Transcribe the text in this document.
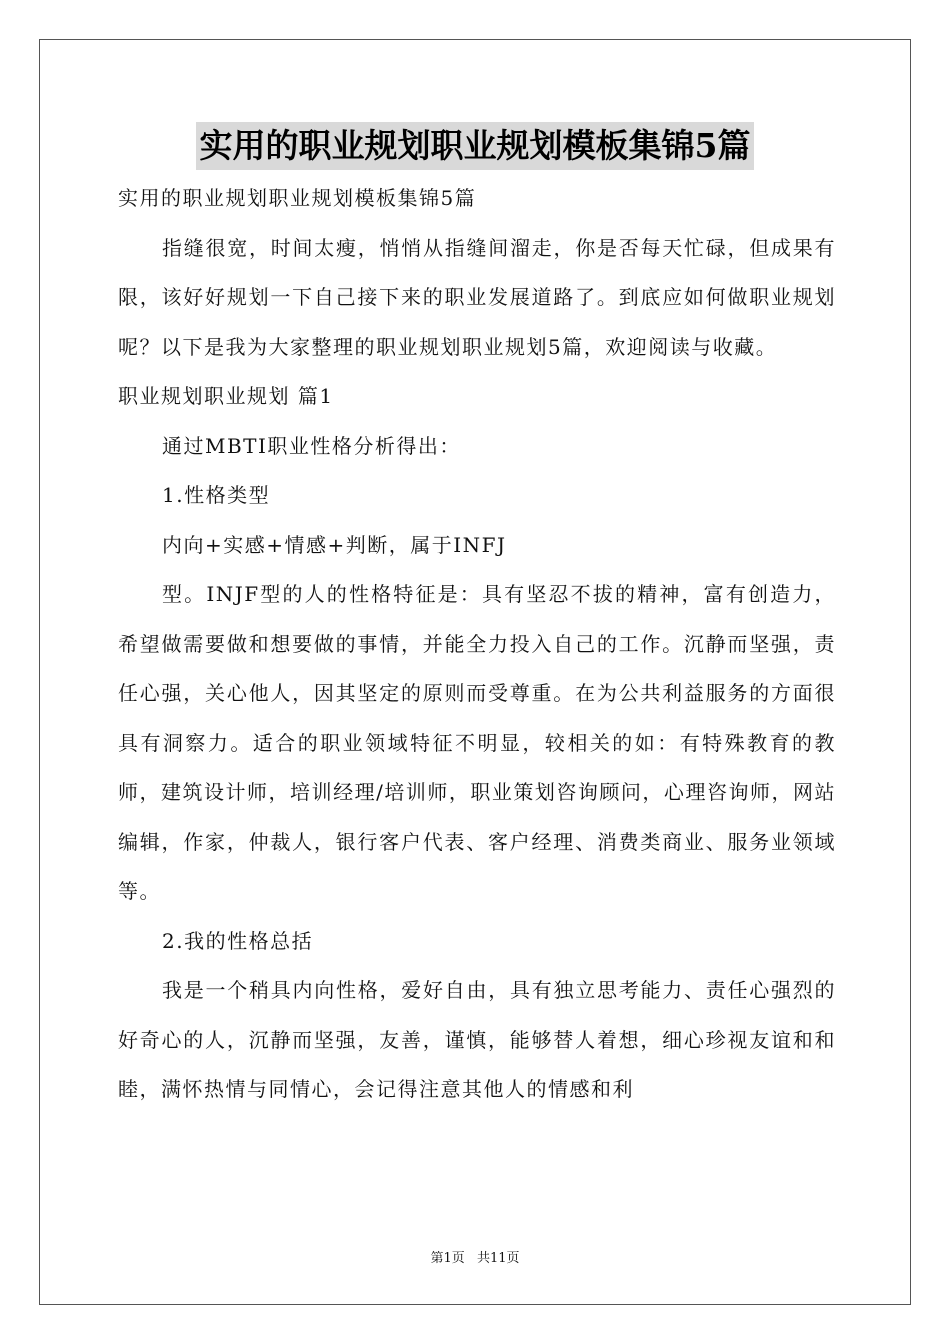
实用的职业规划职业规划模板集锦5篇

实用的职业规划职业规划模板集锦5篇

指缝很宽，时间太瘦，悄悄从指缝间溜走，你是否每天忙碌，但成果有限，该好好规划一下自己接下来的职业发展道路了。到底应如何做职业规划呢？以下是我为大家整理的职业规划职业规划5篇，欢迎阅读与收藏。

职业规划职业规划 篇1

通过MBTI职业性格分析得出：

1.性格类型

内向+实感+情感+判断，属于INFJ

型。INJF型的人的性格特征是：具有坚忍不拔的精神，富有创造力，希望做需要做和想要做的事情，并能全力投入自己的工作。沉静而坚强，责任心强，关心他人，因其坚定的原则而受尊重。在为公共利益服务的方面很具有洞察力。适合的职业领域特征不明显，较相关的如：有特殊教育的教师，建筑设计师，培训经理/培训师，职业策划咨询顾问，心理咨询师，网站编辑，作家，仲裁人，银行客户代表、客户经理、消费类商业、服务业领域等。

2.我的性格总括

我是一个稍具内向性格，爱好自由，具有独立思考能力、责任心强烈的好奇心的人，沉静而坚强，友善，谨慎，能够替人着想，细心珍视友谊和和睦，满怀热情与同情心，会记得注意其他人的情感和利

第1页 共11页
